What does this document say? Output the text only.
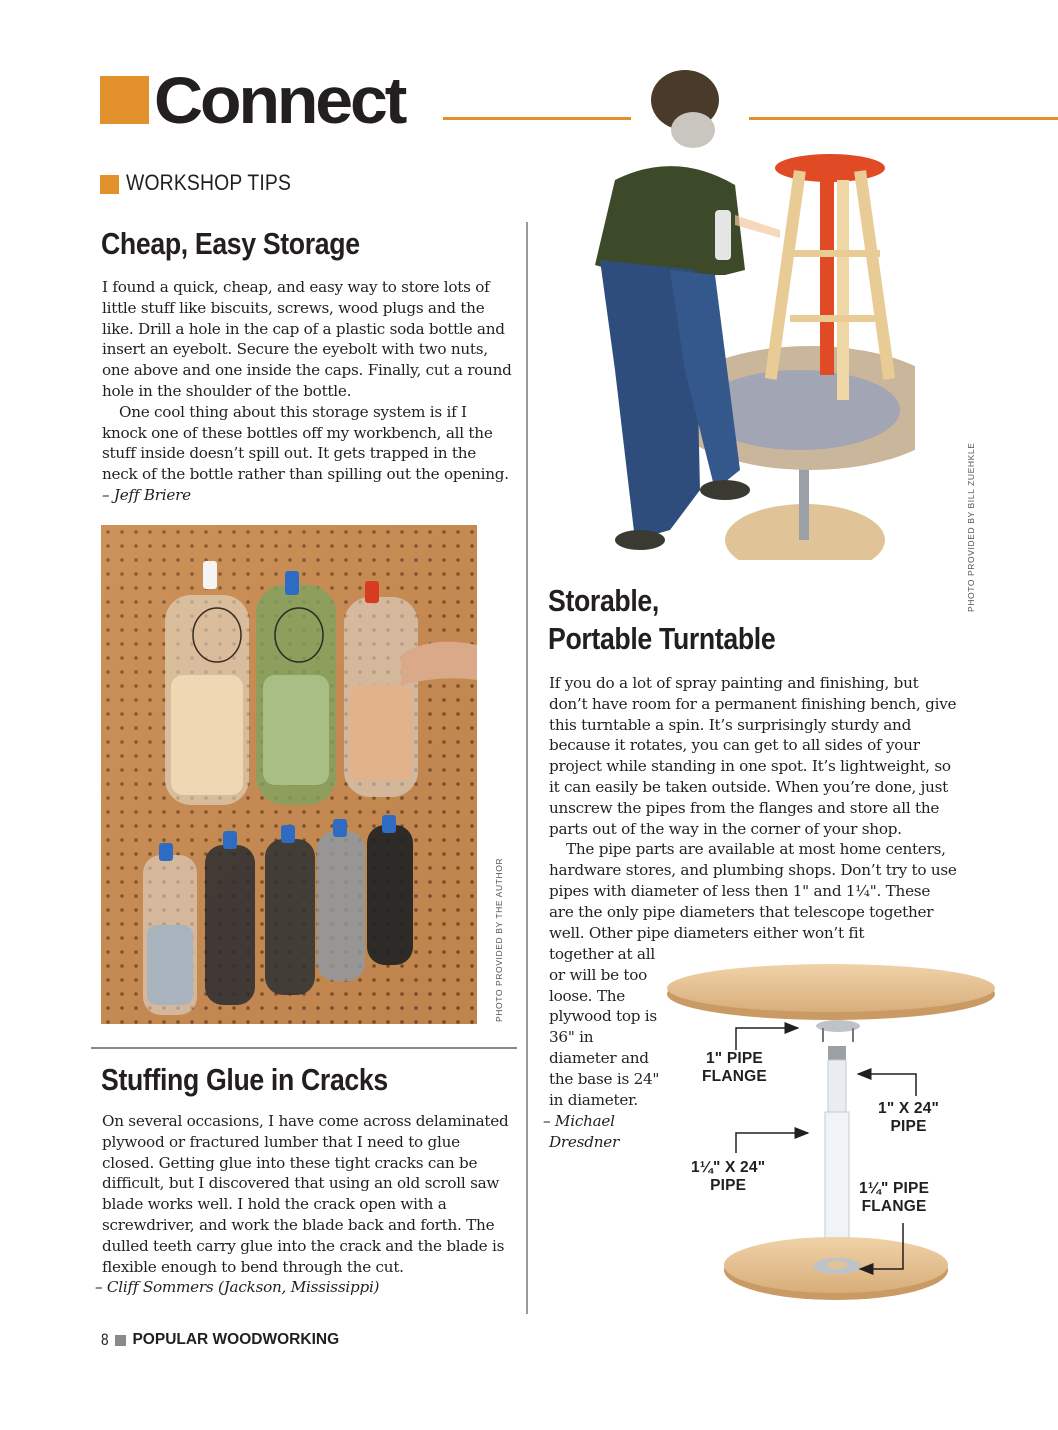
Connect
WORKSHOP TIPS
Cheap, Easy Storage

I found a quick, cheap, and easy way to store lots of little stuff like biscuits, screws, wood plugs and the like. Drill a hole in the cap of a plastic soda bottle and insert an eyebolt. Secure the eyebolt with two nuts, one above and one inside the caps. Finally, cut a round hole in the shoulder of the bottle.

One cool thing about this storage system is if I knock one of these bottles off my workbench, all the stuff inside doesn’t spill out. It gets trapped in the neck of the bottle rather than spilling out the opening. – Jeff Briere

PHOTO PROVIDED BY THE AUTHOR
Stuffing Glue in Cracks

On several occasions, I have come across delaminated plywood or fractured lumber that I need to glue closed. Getting glue into these tight cracks can be difficult, but I discovered that using an old scroll saw blade works well. I hold the crack open with a screwdriver, and work the blade back and forth. The dulled teeth carry glue into the crack and the blade is flexible enough to bend through the cut.

– Cliff Sommers (Jackson, Mississippi)
PHOTO PROVIDED BY BILL ZUEHKLE
Storable,
Portable Turntable

If you do a lot of spray painting and finishing, but don’t have room for a permanent finishing bench, give this turntable a spin. It’s surprisingly sturdy and because it rotates, you can get to all sides of your project while standing in one spot. It’s lightweight, so it can easily be taken outside. When you’re done, just unscrew the pipes from the flanges and store all the parts out of the way in the corner of your shop.

The pipe parts are available at most home centers, hardware stores, and plumbing shops. Don’t try to use pipes with diameter of less then 1" and 1¼". These are the only pipe diameters that telescope together well. Other pipe diameters either won’t fit

together at all or will be too loose. The plywood top is 36" in diameter and the base is 24" in diameter.

– Michael
Dresdner
1" PIPE
FLANGE
1" X 24"
PIPE
1¼" X 24"
PIPE	1¼" PIPE
FLANGE
8 POPULAR WOODWORKING
